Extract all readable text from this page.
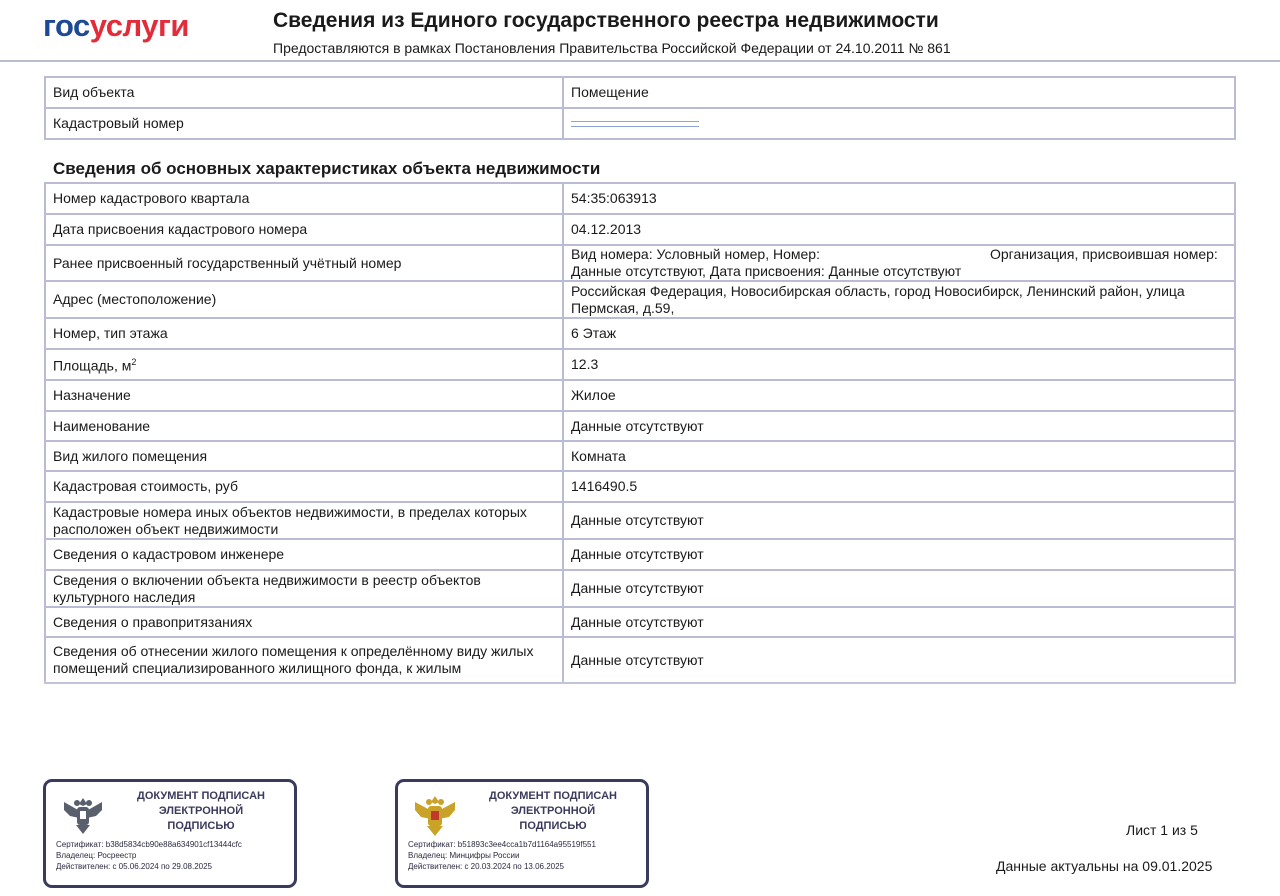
госуслуги	Сведения из Единого государственного реестра недвижимости
Предоставляются в рамках Постановления Правительства Российской Федерации от 24.10.2011 № 861
Вид объекта	Помещение
Кадастровый номер	
Сведения об основных характеристиках объекта недвижимости
Номер кадастрового квартала	54:35:063913
Дата присвоения кадастрового номера	04.12.2013
Ранее присвоенный государственный учётный номер	Вид номера: Условный номер, Номер: Организация, присвоившая номер: Данные отсутствуют, Дата присвоения: Данные отсутствуют
Адрес (местоположение)	Российская Федерация, Новосибирская область, город Новосибирск, Ленинский район, улица Пермская, д.59,
Номер, тип этажа	6 Этаж
Площадь, $м^2$	12.3
Назначение	Жилое
Наименование	Данные отсутствуют
Вид жилого помещения	Комната
Кадастровая стоимость, руб	1416490.5
Кадастровые номера иных объектов недвижимости, в пределах которых расположен объект недвижимости	Данные отсутствуют
Сведения о кадастровом инженере	Данные отсутствуют
Сведения о включении объекта недвижимости в реестр объектов культурного наследия	Данные отсутствуют
Сведения о правопритязаниях	Данные отсутствуют
Сведения об отнесении жилого помещения к определённому виду жилых помещений специализированного жилищного фонда, к жилым	Данные отсутствуют
ДОКУМЕНТ ПОДПИСАН
ЭЛЕКТРОННОЙ
ПОДПИСЬЮ
Сертификат: b38d5834cb90e88a634901cf13444cfc
Владелец: Росреестр
Действителен: с 05.06.2024 по 29.08.2025
ДОКУМЕНТ ПОДПИСАН
ЭЛЕКТРОННОЙ
ПОДПИСЬЮ
Сертификат: b51893c3ee4cca1b7d1164a95519f551
Владелец: Минцифры России
Действителен: с 20.03.2024 по 13.06.2025
Лист 1 из 5
Данные актуальны на 09.01.2025
